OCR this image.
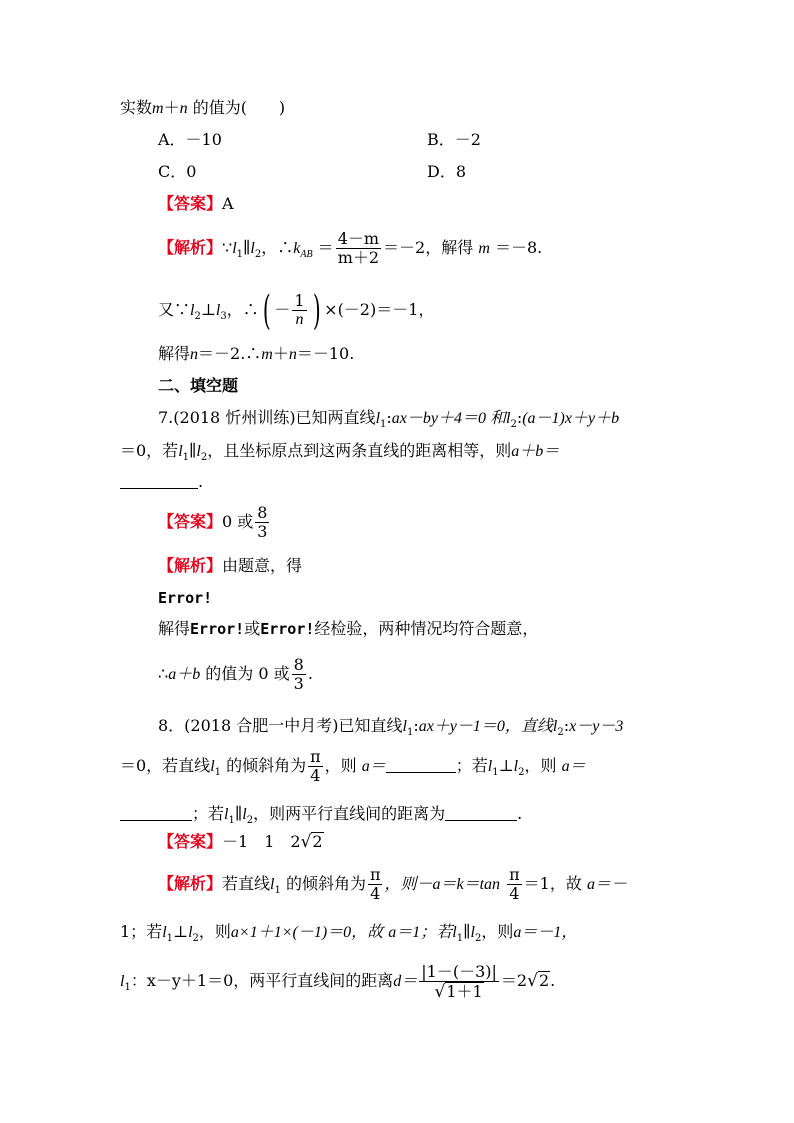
实数m＋n 的值为(　　)
A．－10	B．－2
C．0	D．8
【答案】A
【解析】$\because l_1\parallel l_2$，$\therefore k_{AB} = \frac{4-m}{m+2} =-2$，解得 m ＝－8.
又$\because l_2\perp l_3$，∴( － $\frac{1}{n}$ ) ×(－2)＝－1，
解得n＝－2.∴m＋n＝－10.
二、填空题
7.(2018 忻州训练)已知两直线$l_1:ax-by+4=0$ 和$l_2:(a-1)x+y+b$
＝0，若$l_1\parallel l_2$，且坐标原点到这两条直线的距离相等，则a＋b＝
.
【答案】0 或 $\frac{8}{3}$
【解析】由题意，得
Error!
解得Error!或Error!经检验，两种情况均符合题意，
∴a＋b 的值为 0 或 $\frac{8}{3}$ .
8．(2018 合肥一中月考)已知直线$l_1:ax+y-1=0$，直线$l_2:x-y-3$
＝0，若直线$l_1$ 的倾斜角为 $\frac{\pi}{4}$ ，则 a＝	；若$l_1\perp l_2$，则 a＝
；若$l_1\parallel l_2$，则两平行直线间的距离为	.
【答案】－1　1　2√2
【解析】若直线$l_1$ 的倾斜角为 $\frac{\pi}{4}$ ，则$-a=k=\tan \frac{\pi}{4} =1$，故 a＝－
1；若$l_1\perp l_2$，则a×1＋1×(－1)＝0，故 a＝1；若$l_1\parallel l_2$，则a＝－1，
$l_1$：x－y＋1＝0，两平行直线间的距离$d= \frac{|1-(-3)|}{√1+1} =2√2$.
